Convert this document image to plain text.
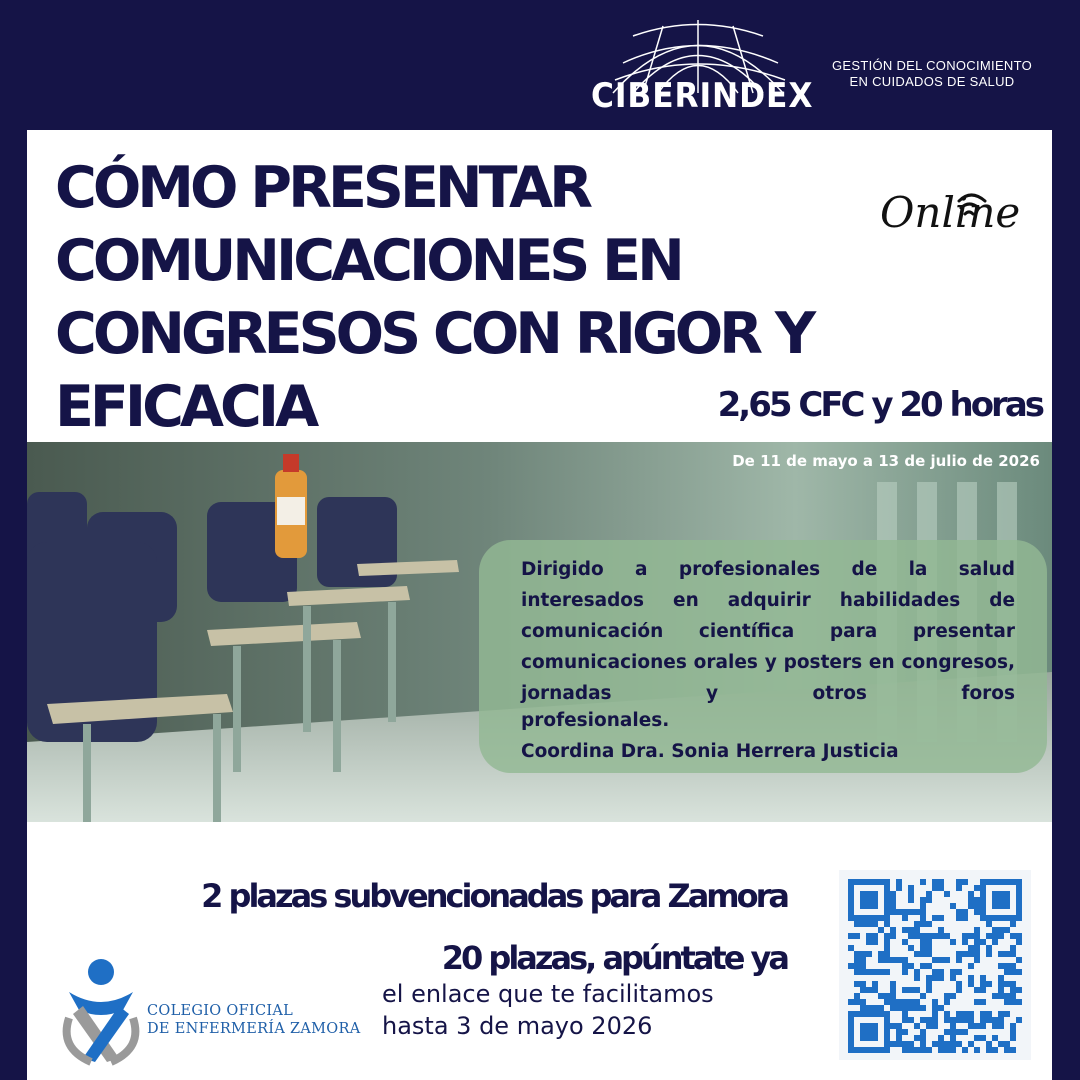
CIBERINDEX
GESTIÓN DEL CONOCIMIENTO
EN CUIDADOS DE SALUD
CÓMO PRESENTAR
COMUNICACIONES EN
CONGRESOS CON RIGOR Y
EFICACIA
Online
2,65 CFC y 20 horas
De 11 de mayo a 13 de julio de 2026
Dirigido a profesionales de la salud interesados en adquirir habilidades de comunicación científica para presentar comunicaciones orales y posters en congresos, jornadas y otros foros
profesionales.
Coordina Dra. Sonia Herrera Justicia
2 plazas subvencionadas para Zamora
20 plazas, apúntate ya
el enlace que te facilitamos
hasta 3 de mayo 2026
COLEGIO OFICIAL
DE ENFERMERÍA ZAMORA
